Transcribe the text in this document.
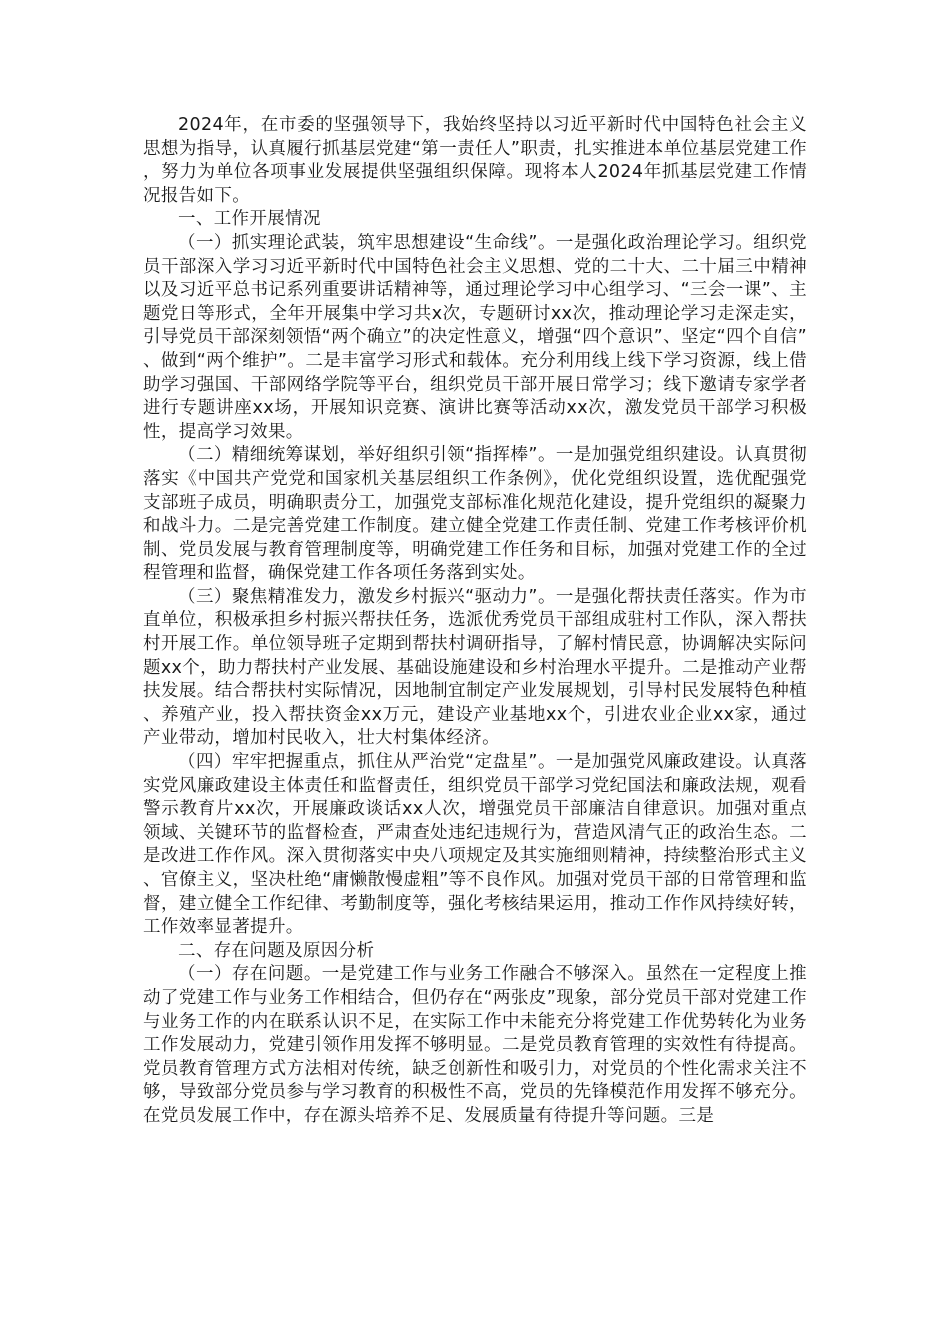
2024年，在市委的坚强领导下，我始终坚持以习近平新时代中国特色社会主义思想为指导，认真履行抓基层党建“第一责任人”职责，扎实推进本单位基层党建工作，努力为单位各项事业发展提供坚强组织保障。现将本人2024年抓基层党建工作情况报告如下。

一、工作开展情况

（一）抓实理论武装，筑牢思想建设“生命线”。一是强化政治理论学习。组织党员干部深入学习习近平新时代中国特色社会主义思想、党的二十大、二十届三中精神以及习近平总书记系列重要讲话精神等，通过理论学习中心组学习、“三会一课”、主题党日等形式，全年开展集中学习共x次，专题研讨xx次，推动理论学习走深走实，引导党员干部深刻领悟“两个确立”的决定性意义，增强“四个意识”、坚定“四个自信”、做到“两个维护”。二是丰富学习形式和载体。充分利用线上线下学习资源，线上借助学习强国、干部网络学院等平台，组织党员干部开展日常学习；线下邀请专家学者进行专题讲座xx场，开展知识竞赛、演讲比赛等活动xx次，激发党员干部学习积极性，提高学习效果。

（二）精细统筹谋划，举好组织引领“指挥棒”。一是加强党组织建设。认真贯彻落实《中国共产党党和国家机关基层组织工作条例》，优化党组织设置，选优配强党支部班子成员，明确职责分工，加强党支部标准化规范化建设，提升党组织的凝聚力和战斗力。二是完善党建工作制度。建立健全党建工作责任制、党建工作考核评价机制、党员发展与教育管理制度等，明确党建工作任务和目标，加强对党建工作的全过程管理和监督，确保党建工作各项任务落到实处。

（三）聚焦精准发力，激发乡村振兴“驱动力”。一是强化帮扶责任落实。作为市直单位，积极承担乡村振兴帮扶任务，选派优秀党员干部组成驻村工作队，深入帮扶村开展工作。单位领导班子定期到帮扶村调研指导，了解村情民意，协调解决实际问题xx个，助力帮扶村产业发展、基础设施建设和乡村治理水平提升。二是推动产业帮扶发展。结合帮扶村实际情况，因地制宜制定产业发展规划，引导村民发展特色种植、养殖产业，投入帮扶资金xx万元，建设产业基地xx个，引进农业企业xx家，通过产业带动，增加村民收入，壮大村集体经济。

（四）牢牢把握重点，抓住从严治党“定盘星”。一是加强党风廉政建设。认真落实党风廉政建设主体责任和监督责任，组织党员干部学习党纪国法和廉政法规，观看警示教育片xx次，开展廉政谈话xx人次，增强党员干部廉洁自律意识。加强对重点领域、关键环节的监督检查，严肃查处违纪违规行为，营造风清气正的政治生态。二是改进工作作风。深入贯彻落实中央八项规定及其实施细则精神，持续整治形式主义、官僚主义，坚决杜绝“庸懒散慢虚粗”等不良作风。加强对党员干部的日常管理和监督，建立健全工作纪律、考勤制度等，强化考核结果运用，推动工作作风持续好转，工作效率显著提升。

二、存在问题及原因分析

（一）存在问题。一是党建工作与业务工作融合不够深入。虽然在一定程度上推动了党建工作与业务工作相结合，但仍存在“两张皮”现象，部分党员干部对党建工作与业务工作的内在联系认识不足，在实际工作中未能充分将党建工作优势转化为业务工作发展动力，党建引领作用发挥不够明显。二是党员教育管理的实效性有待提高。党员教育管理方式方法相对传统，缺乏创新性和吸引力，对党员的个性化需求关注不够，导致部分党员参与学习教育的积极性不高，党员的先锋模范作用发挥不够充分。在党员发展工作中，存在源头培养不足、发展质量有待提升等问题。三是
